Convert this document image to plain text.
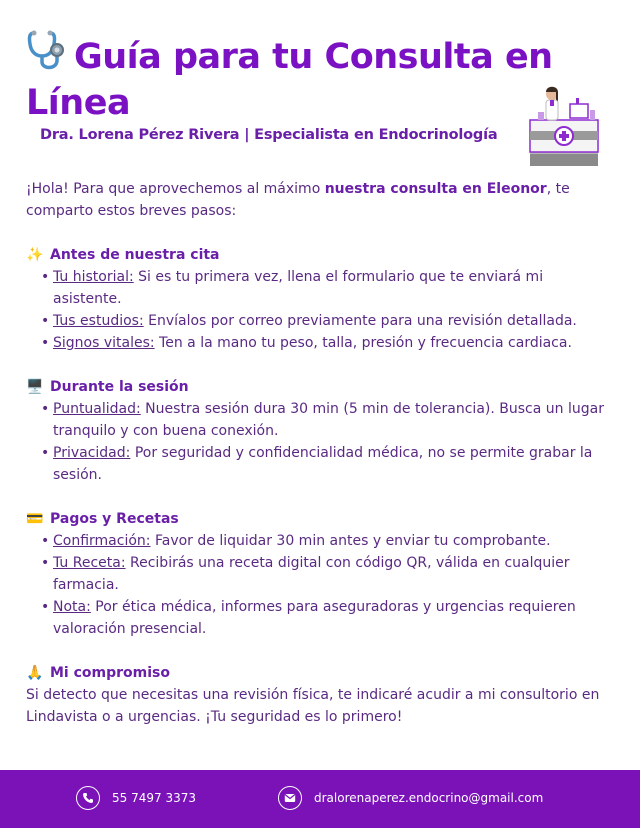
Guía para tu Consulta en Línea
Dra. Lorena Pérez Rivera | Especialista en Endocrinología

¡Hola! Para que aprovechemos al máximo nuestra consulta en Eleonor, te comparto estos breves pasos:

✨ Antes de nuestra cita
• Tu historial: Si es tu primera vez, llena el formulario que te enviará mi asistente.
• Tus estudios: Envíalos por correo previamente para una revisión detallada.
• Signos vitales: Ten a la mano tu peso, talla, presión y frecuencia cardiaca.
🖥️ Durante la sesión
• Puntualidad: Nuestra sesión dura 30 min (5 min de tolerancia). Busca un lugar tranquilo y con buena conexión.
• Privacidad: Por seguridad y confidencialidad médica, no se permite grabar la sesión.
💳 Pagos y Recetas
• Confirmación: Favor de liquidar 30 min antes y enviar tu comprobante.
• Tu Receta: Recibirás una receta digital con código QR, válida en cualquier farmacia.
• Nota: Por ética médica, informes para aseguradoras y urgencias requieren valoración presencial.
🙏 Mi compromiso

Si detecto que necesitas una revisión física, te indicaré acudir a mi consultorio en Lindavista o a urgencias. ¡Tu seguridad es lo primero!

55 7497 3373	dralorenaperez.endocrino@gmail.com
